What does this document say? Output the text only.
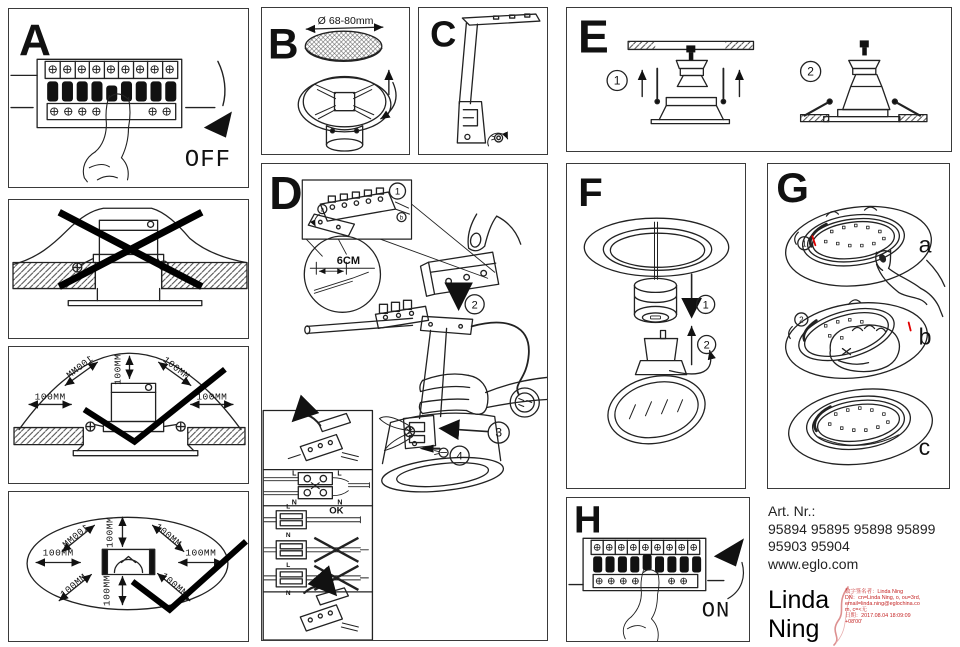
A
OFF
100MM	100MM
100MM
100MM	100MM
100MM	100MM
100MM
100MM
100MM	100MM
100MM	100MM
B Ø 68-80mm C
1
2
E
D	1
a
b
6CM
2
3
4
L	L
N	N
L
N
L
N
OK
1
2
F
1
2
a
b
c
G
H
ON
Art. Nr.:
95894 95895 95898 95899
95903 95904
www.eglo.com
Linda
Ning
数字签名者：Linda Ning
DN：cn=Linda Ning, o, ou=3rd,
email=linda.ning@eglochina.co
m, c=<无
日期：2017.08.04 18:09:09
+08'00'
